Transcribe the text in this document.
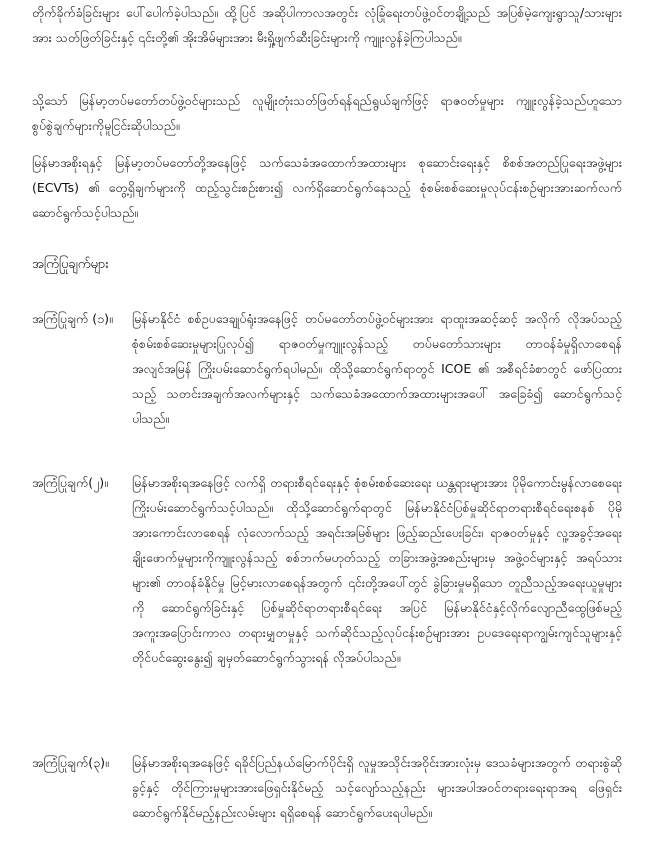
တိုက်ခိုက်ခံခြင်းများ ပေါ်ပေါက်ခဲ့ပါသည်။ ထို့ပြင် အဆိုပါကာလအတွင်း လုံခြုံရေးတပ်ဖွဲ့ဝင်တချို့သည် အပြစ်မဲ့ကျေးရွာသူ/သားများအား သတ်ဖြတ်ခြင်းနှင့် ၎င်းတို့၏ အိုးအိမ်များအား မီးရှို့ဖျက်ဆီးခြင်းများကို ကျူးလွန်ခဲ့ကြပါသည်။

သို့သော် မြန်မာ့တပ်မတော်တပ်ဖွဲ့ဝင်များသည် လူမျိုးတုံးသတ်ဖြတ်ရန်ရည်ရွယ်ချက်ဖြင့် ရာဇဝတ်မှုများ ကျူးလွန်ခဲ့သည်ဟူသော စွပ်စွဲချက်များကိုမူငြင်းဆိုပါသည်။

မြန်မာအစိုးရနှင့် မြန်မာ့တပ်မတော်တို့အနေဖြင့် သက်သေခံအထောက်အထားများ စုဆောင်းရေးနှင့် စိစစ်အတည်ပြုရေးအဖွဲ့များ (ECVTs) ၏ တွေ့ရှိချက်များကို ထည့်သွင်းစဉ်းစား၍ လက်ရှိဆောင်ရွက်နေသည့် စုံစမ်းစစ်ဆေးမှုလုပ်ငန်းစဉ်များအားဆက်လက်ဆောင်ရွက်သင့်ပါသည်။

အကြံပြုချက်များ
အကြံပြုချက် (၁)။	မြန်မာနိုင်ငံ စစ်ဥပဒေချုပ်ရုံးအနေဖြင့် တပ်မတော်တပ်ဖွဲ့ဝင်များအား ရာထူးအဆင့်ဆင့် အလိုက် လိုအပ်သည့် စုံစမ်းစစ်ဆေးမှုများပြုလုပ်၍ ရာဇဝတ်မှုကျူးလွန်သည့် တပ်မတော်သားများ တာဝန်ခံမှုရှိလာစေရန် အလျင်အမြန် ကြိုးပမ်းဆောင်ရွက်ရပါမည်။ ထိုသို့ဆောင်ရွက်ရာတွင် ICOE ၏ အစီရင်ခံစာတွင် ဖော်ပြထားသည့် သတင်းအချက်အလက်များနှင့် သက်သေခံအထောက်အထားများအပေါ် အခြေခံ၍ ဆောင်ရွက်သင့်ပါသည်။
အကြံပြုချက်(၂)။	မြန်မာအစိုးရအနေဖြင့် လက်ရှိ တရားစီရင်ရေးနှင့် စုံစမ်းစစ်ဆေးရေး ယန္တရားများအား ပိုမိုကောင်းမွန်လာစေရေး ကြိုးပမ်းဆောင်ရွက်သင့်ပါသည်။ ထိုသို့ဆောင်ရွက်ရာတွင် မြန်မာနိုင်ငံပြစ်မှုဆိုင်ရာတရားစီရင်ရေးစနစ် ပိုမိုအားကောင်းလာစေရန် လုံလောက်သည့် အရင်းအမြစ်များ ဖြည့်ဆည်းပေးခြင်း၊ ရာဇဝတ်မှုနှင့် လူ့အခွင့်အရေးချိုးဖောက်မှုများကိုကျူးလွန်သည့် စစ်ဘက်မဟုတ်သည့် တခြားအဖွဲ့အစည်းများမှ အဖွဲ့ဝင်များနှင့် အရပ်သားများ၏ တာဝန်ခံနိုင်မှု မြင့်မားလာစေရန်အတွက် ၎င်းတို့အပေါ်တွင် ခွဲခြားမှုမရှိသော တူညီသည့်အရေးယူမှုများကို ဆောင်ရွက်ခြင်းနှင့် ပြစ်မှုဆိုင်ရာတရားစီရင်ရေး အပြင် မြန်မာနိုင်ငံနှင့်လိုက်လျောညီထွေဖြစ်မည့် အကူးအပြောင်းကာလ တရားမျှတမှုနှင့် သက်ဆိုင်သည့်လုပ်ငန်းစဉ်များအား ဥပဒေရေးရာကျွမ်းကျင်သူများနှင့် တိုင်ပင်ဆွေးနွေး၍ ချမှတ်ဆောင်ရွက်သွားရန် လိုအပ်ပါသည်။
အကြံပြုချက်(၃)။	မြန်မာအစိုးရအနေဖြင့် ရခိုင်ပြည်နယ်မြောက်ပိုင်းရှိ လူမှုအသိုင်းအဝိုင်းအားလုံးမှ ဒေသခံများအတွက် တရားစွဲဆိုခွင့်နှင့် တိုင်ကြားမှုများအားဖြေရှင်းနိုင်မည့် သင့်လျော်သည့်နည်း များအပါအဝင်တရားရေးရာအရ ဖြေရှင်းဆောင်ရွက်နိုင်မည့်နည်းလမ်းများ ရရှိစေရန် ဆောင်ရွက်ပေးရပါမည်။
